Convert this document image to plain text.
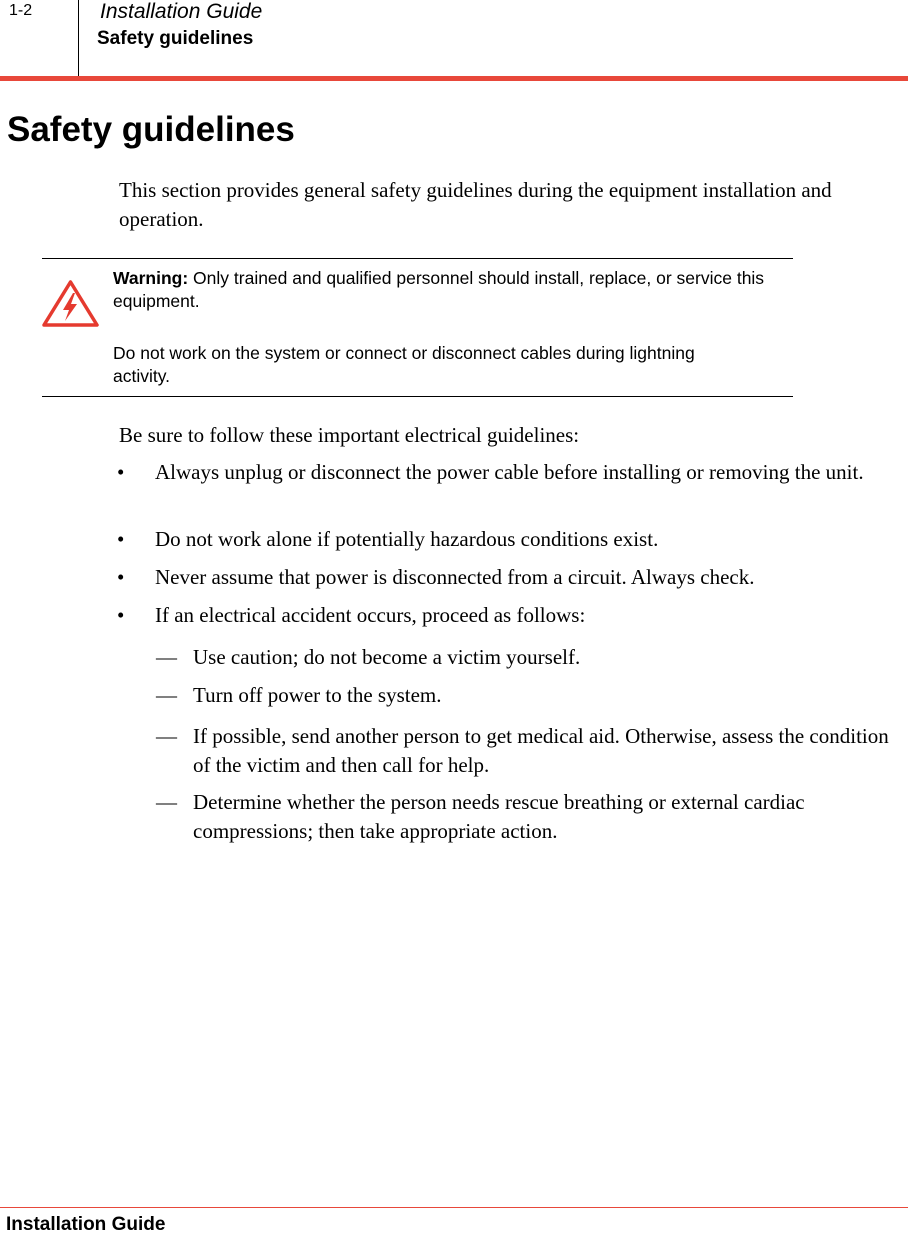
1-2	Installation Guide
Safety guidelines
Safety guidelines

This section provides general safety guidelines during the equipment installation and operation.

Warning: Only trained and qualified personnel should install, replace, or service this equipment.

Do not work on the system or connect or disconnect cables during lightning activity.

Be sure to follow these important electrical guidelines:

• Always unplug or disconnect the power cable before installing or removing the unit.

• Do not work alone if potentially hazardous conditions exist.

• Never assume that power is disconnected from a circuit. Always check.

• If an electrical accident occurs, proceed as follows:

— Use caution; do not become a victim yourself.

— Turn off power to the system.

— If possible, send another person to get medical aid. Otherwise, assess the condition of the victim and then call for help.

— Determine whether the person needs rescue breathing or external cardiac compressions; then take appropriate action.

Installation Guide
